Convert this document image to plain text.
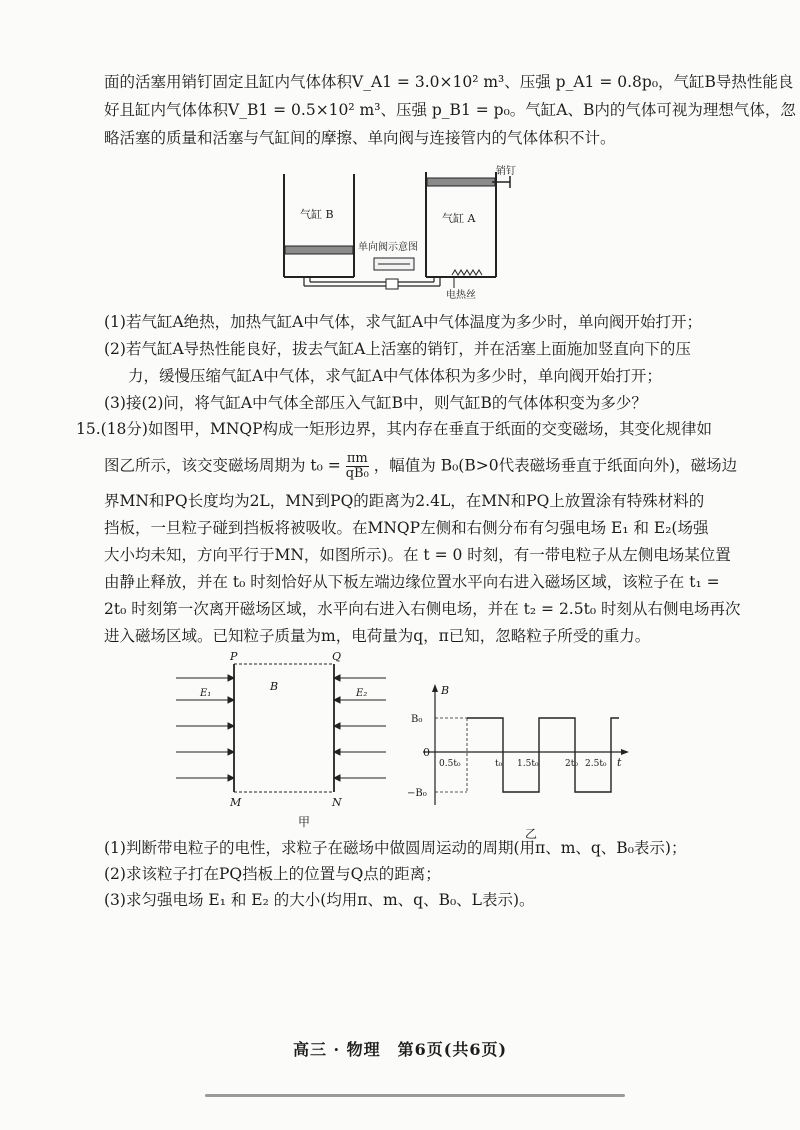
面的活塞用销钉固定且缸内气体体积V_A1 = 3.0×10² m³、压强 p_A1 = 0.8p₀，气缸B导热性能良
好且缸内气体体积V_B1 = 0.5×10² m³、压强 p_B1 = p₀。气缸A、B内的气体可视为理想气体，忽
略活塞的质量和活塞与气缸间的摩擦、单向阀与连接管内的气体体积不计。
气缸 B	气缸 A
销钉
电热丝
单向阀示意图
(1)若气缸A绝热，加热气缸A中气体，求气缸A中气体温度为多少时，单向阀开始打开；
(2)若气缸A导热性能良好，拔去气缸A上活塞的销钉，并在活塞上面施加竖直向下的压
力，缓慢压缩气缸A中气体，求气缸A中气体体积为多少时，单向阀开始打开；
(3)接(2)问，将气缸A中气体全部压入气缸B中，则气缸B的气体体积变为多少？
15.(18分)如图甲，MNQP构成一矩形边界，其内存在垂直于纸面的交变磁场，其变化规律如
图乙所示，该交变磁场周期为 $t_0 = \frac{\pi m}{\text{qB₀}}$ ，幅值为 B₀(B>0代表磁场垂直于纸面向外)，磁场边
界MN和PQ长度均为2L，MN到PQ的距离为2.4L，在MN和PQ上放置涂有特殊材料的
挡板，一旦粒子碰到挡板将被吸收。在MNQP左侧和右侧分布有匀强电场 E₁ 和 E₂(场强
大小均未知，方向平行于MN，如图所示)。在 t = 0 时刻，有一带电粒子从左侧电场某位置
由静止释放，并在 t₀ 时刻恰好从下板左端边缘位置水平向右进入磁场区域，该粒子在 t₁ =
2t₀ 时刻第一次离开磁场区域，水平向右进入右侧电场，并在 t₂ = 2.5t₀ 时刻从右侧电场再次
进入磁场区域。已知粒子质量为m，电荷量为q，π已知，忽略粒子所受的重力。
P	Q
M	N
B
E₁	E₂
甲
B
t
0
B₀
−B₀
0.5t₀	t₀ 1.5t₀	2t₀ 2.5t₀
乙
(1)判断带电粒子的电性，求粒子在磁场中做圆周运动的周期(用π、m、q、B₀表示)；
(2)求该粒子打在PQ挡板上的位置与Q点的距离；
(3)求匀强电场 E₁ 和 E₂ 的大小(均用π、m、q、B₀、L表示)。
高三 · 物理　第6页(共6页)
